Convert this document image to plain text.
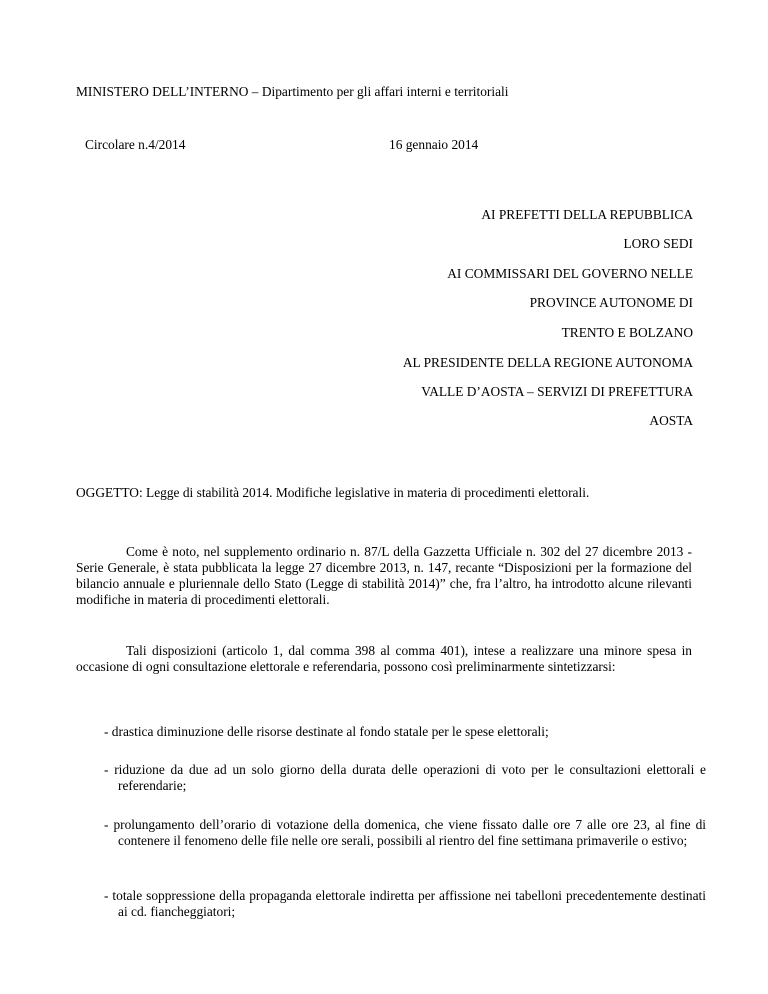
MINISTERO DELL’INTERNO – Dipartimento per gli affari interni e territoriali
Circolare n.4/2014	16 gennaio 2014
AI PREFETTI DELLA REPUBBLICA
LORO SEDI
AI COMMISSARI DEL GOVERNO NELLE
PROVINCE AUTONOME DI
TRENTO E BOLZANO
AL PRESIDENTE DELLA REGIONE AUTONOMA
VALLE D’AOSTA – SERVIZI DI PREFETTURA
AOSTA
OGGETTO: Legge di stabilità 2014. Modifiche legislative in materia di procedimenti elettorali.

Come è noto, nel supplemento ordinario n. 87/L della Gazzetta Ufficiale n. 302 del 27 dicembre 2013 - Serie Generale, è stata pubblicata la legge 27 dicembre 2013, n. 147, recante “Disposizioni per la formazione del bilancio annuale e pluriennale dello Stato (Legge di stabilità 2014)” che, fra l’altro, ha introdotto alcune rilevanti modifiche in materia di procedimenti elettorali.

Tali disposizioni (articolo 1, dal comma 398 al comma 401), intese a realizzare una minore spesa in occasione di ogni consultazione elettorale e referendaria, possono così preliminarmente sintetizzarsi:

- drastica diminuzione delle risorse destinate al fondo statale per le spese elettorali;
- riduzione da due ad un solo giorno della durata delle operazioni di voto per le consultazioni elettorali e referendarie;
- prolungamento dell’orario di votazione della domenica, che viene fissato dalle ore 7 alle ore 23, al fine di contenere il fenomeno delle file nelle ore serali, possibili al rientro del fine settimana primaverile o estivo;
- totale soppressione della propaganda elettorale indiretta per affissione nei tabelloni precedentemente destinati ai cd. fiancheggiatori;
